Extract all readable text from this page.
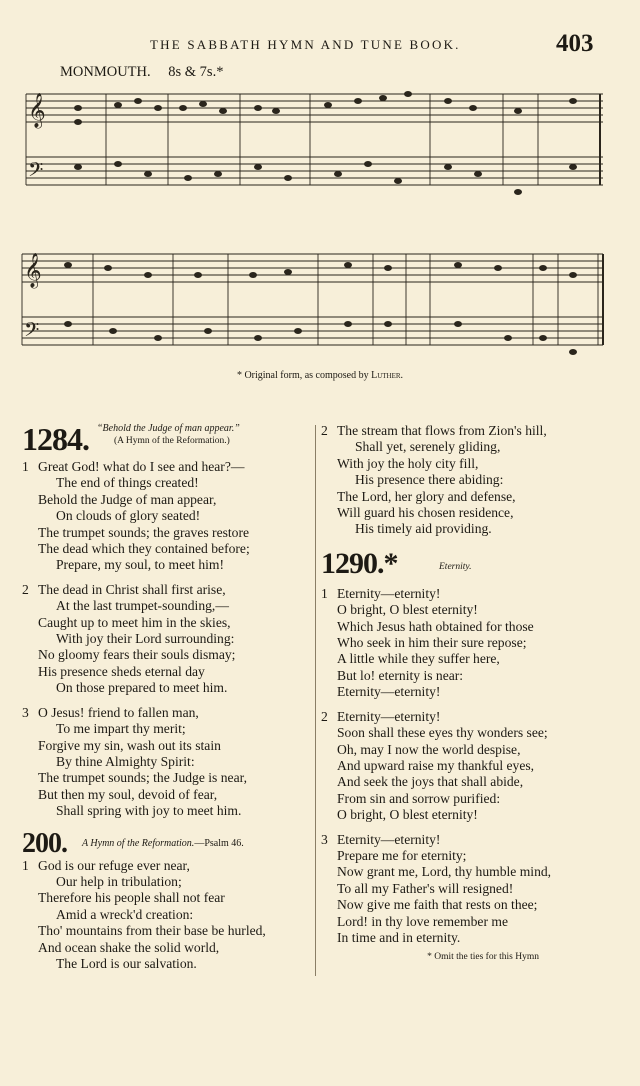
THE SABBATH HYMN AND TUNE BOOK.	403
MONMOUTH. 8s & 7s.*
𝄞
𝄢
𝄞
𝄢
* Original form, as composed by Luther.
1284. “Behold the Judge of man appear.”
(A Hymn of the Reformation.)
1 Great God! what do I see and hear?—
The end of things created!
Behold the Judge of man appear,
On clouds of glory seated!
The trumpet sounds; the graves restore
The dead which they contained before;
Prepare, my soul, to meet him!
2 The dead in Christ shall first arise,
At the last trumpet-sounding,—
Caught up to meet him in the skies,
With joy their Lord surrounding:
No gloomy fears their souls dismay;
His presence sheds eternal day
On those prepared to meet him.
3 O Jesus! friend to fallen man,
To me impart thy merit;
Forgive my sin, wash out its stain
By thine Almighty Spirit:
The trumpet sounds; the Judge is near,
But then my soul, devoid of fear,
Shall spring with joy to meet him.
200. A Hymn of the Reformation.—Psalm 46.
1 God is our refuge ever near,
Our help in tribulation;
Therefore his people shall not fear
Amid a wreck'd creation:
Tho' mountains from their base be hurled,
And ocean shake the solid world,
The Lord is our salvation.
2 The stream that flows from Zion's hill,
Shall yet, serenely gliding,
With joy the holy city fill,
His presence there abiding:
The Lord, her glory and defense,
Will guard his chosen residence,
His timely aid providing.
1290.*	Eternity.
1 Eternity—eternity!
O bright, O blest eternity!
Which Jesus hath obtained for those
Who seek in him their sure repose;
A little while they suffer here,
But lo! eternity is near:
Eternity—eternity!
2 Eternity—eternity!
Soon shall these eyes thy wonders see;
Oh, may I now the world despise,
And upward raise my thankful eyes,
And seek the joys that shall abide,
From sin and sorrow purified:
O bright, O blest eternity!
3 Eternity—eternity!
Prepare me for eternity;
Now grant me, Lord, thy humble mind,
To all my Father's will resigned!
Now give me faith that rests on thee;
Lord! in thy love remember me
In time and in eternity.
* Omit the ties for this Hymn
